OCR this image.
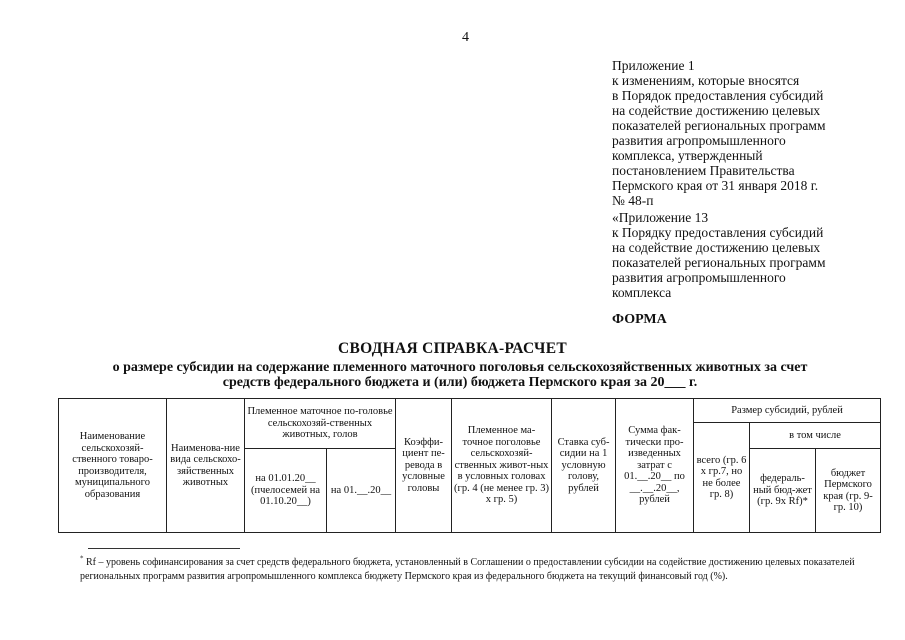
4
Приложение 1
к изменениям, которые вносятся
в Порядок предоставления субсидий
на содействие достижению целевых
показателей региональных программ
развития агропромышленного
комплекса, утвержденный
постановлением Правительства
Пермского края от 31 января 2018 г.
№ 48-п
«Приложение 13
к Порядку предоставления субсидий
на содействие достижению целевых
показателей региональных программ
развития агропромышленного
комплекса
ФОРМА
СВОДНАЯ СПРАВКА-РАСЧЕТ
о размере субсидии на содержание племенного маточного поголовья сельскохозяйственных животных за счет
средств федерального бюджета и (или) бюджета Пермского края за 20___ г.
Наименование сельскохозяй-ственного товаро-производителя, муниципального образования	Наименова-ние вида сельскохо-зяйственных животных	Племенное маточное по-головье сельскохозяй-ственных животных, голов		Коэффи-циент пе-ревода в условные головы	Племенное ма-точное поголовье сельскохозяй-ственных живот-ных в условных головах (гр. 4 (не менее гр. 3) х гр. 5)	Ставка суб-сидии на 1 условную голову, рублей	Сумма фак-тически про-изведенных затрат с 01.__.20__ по __.__.20__, рублей	Размер субсидий, рублей		
								всего (гр. 6 х гр.7, но не более гр. 8)	в том числе	
		на 01.01.20__ (пчелосемей на 01.10.20__)	на 01.__.20__						федераль-ный бюд-жет (гр. 9х Rf)*	бюджет Пермского края (гр. 9- гр. 10)
* Rf – уровень софинансирования за счет средств федерального бюджета, установленный в Соглашении о предоставлении субсидии на содействие достижению целевых показателей региональных программ развития агропромышленного комплекса бюджету Пермского края из федерального бюджета на текущий финансовый год (%).
